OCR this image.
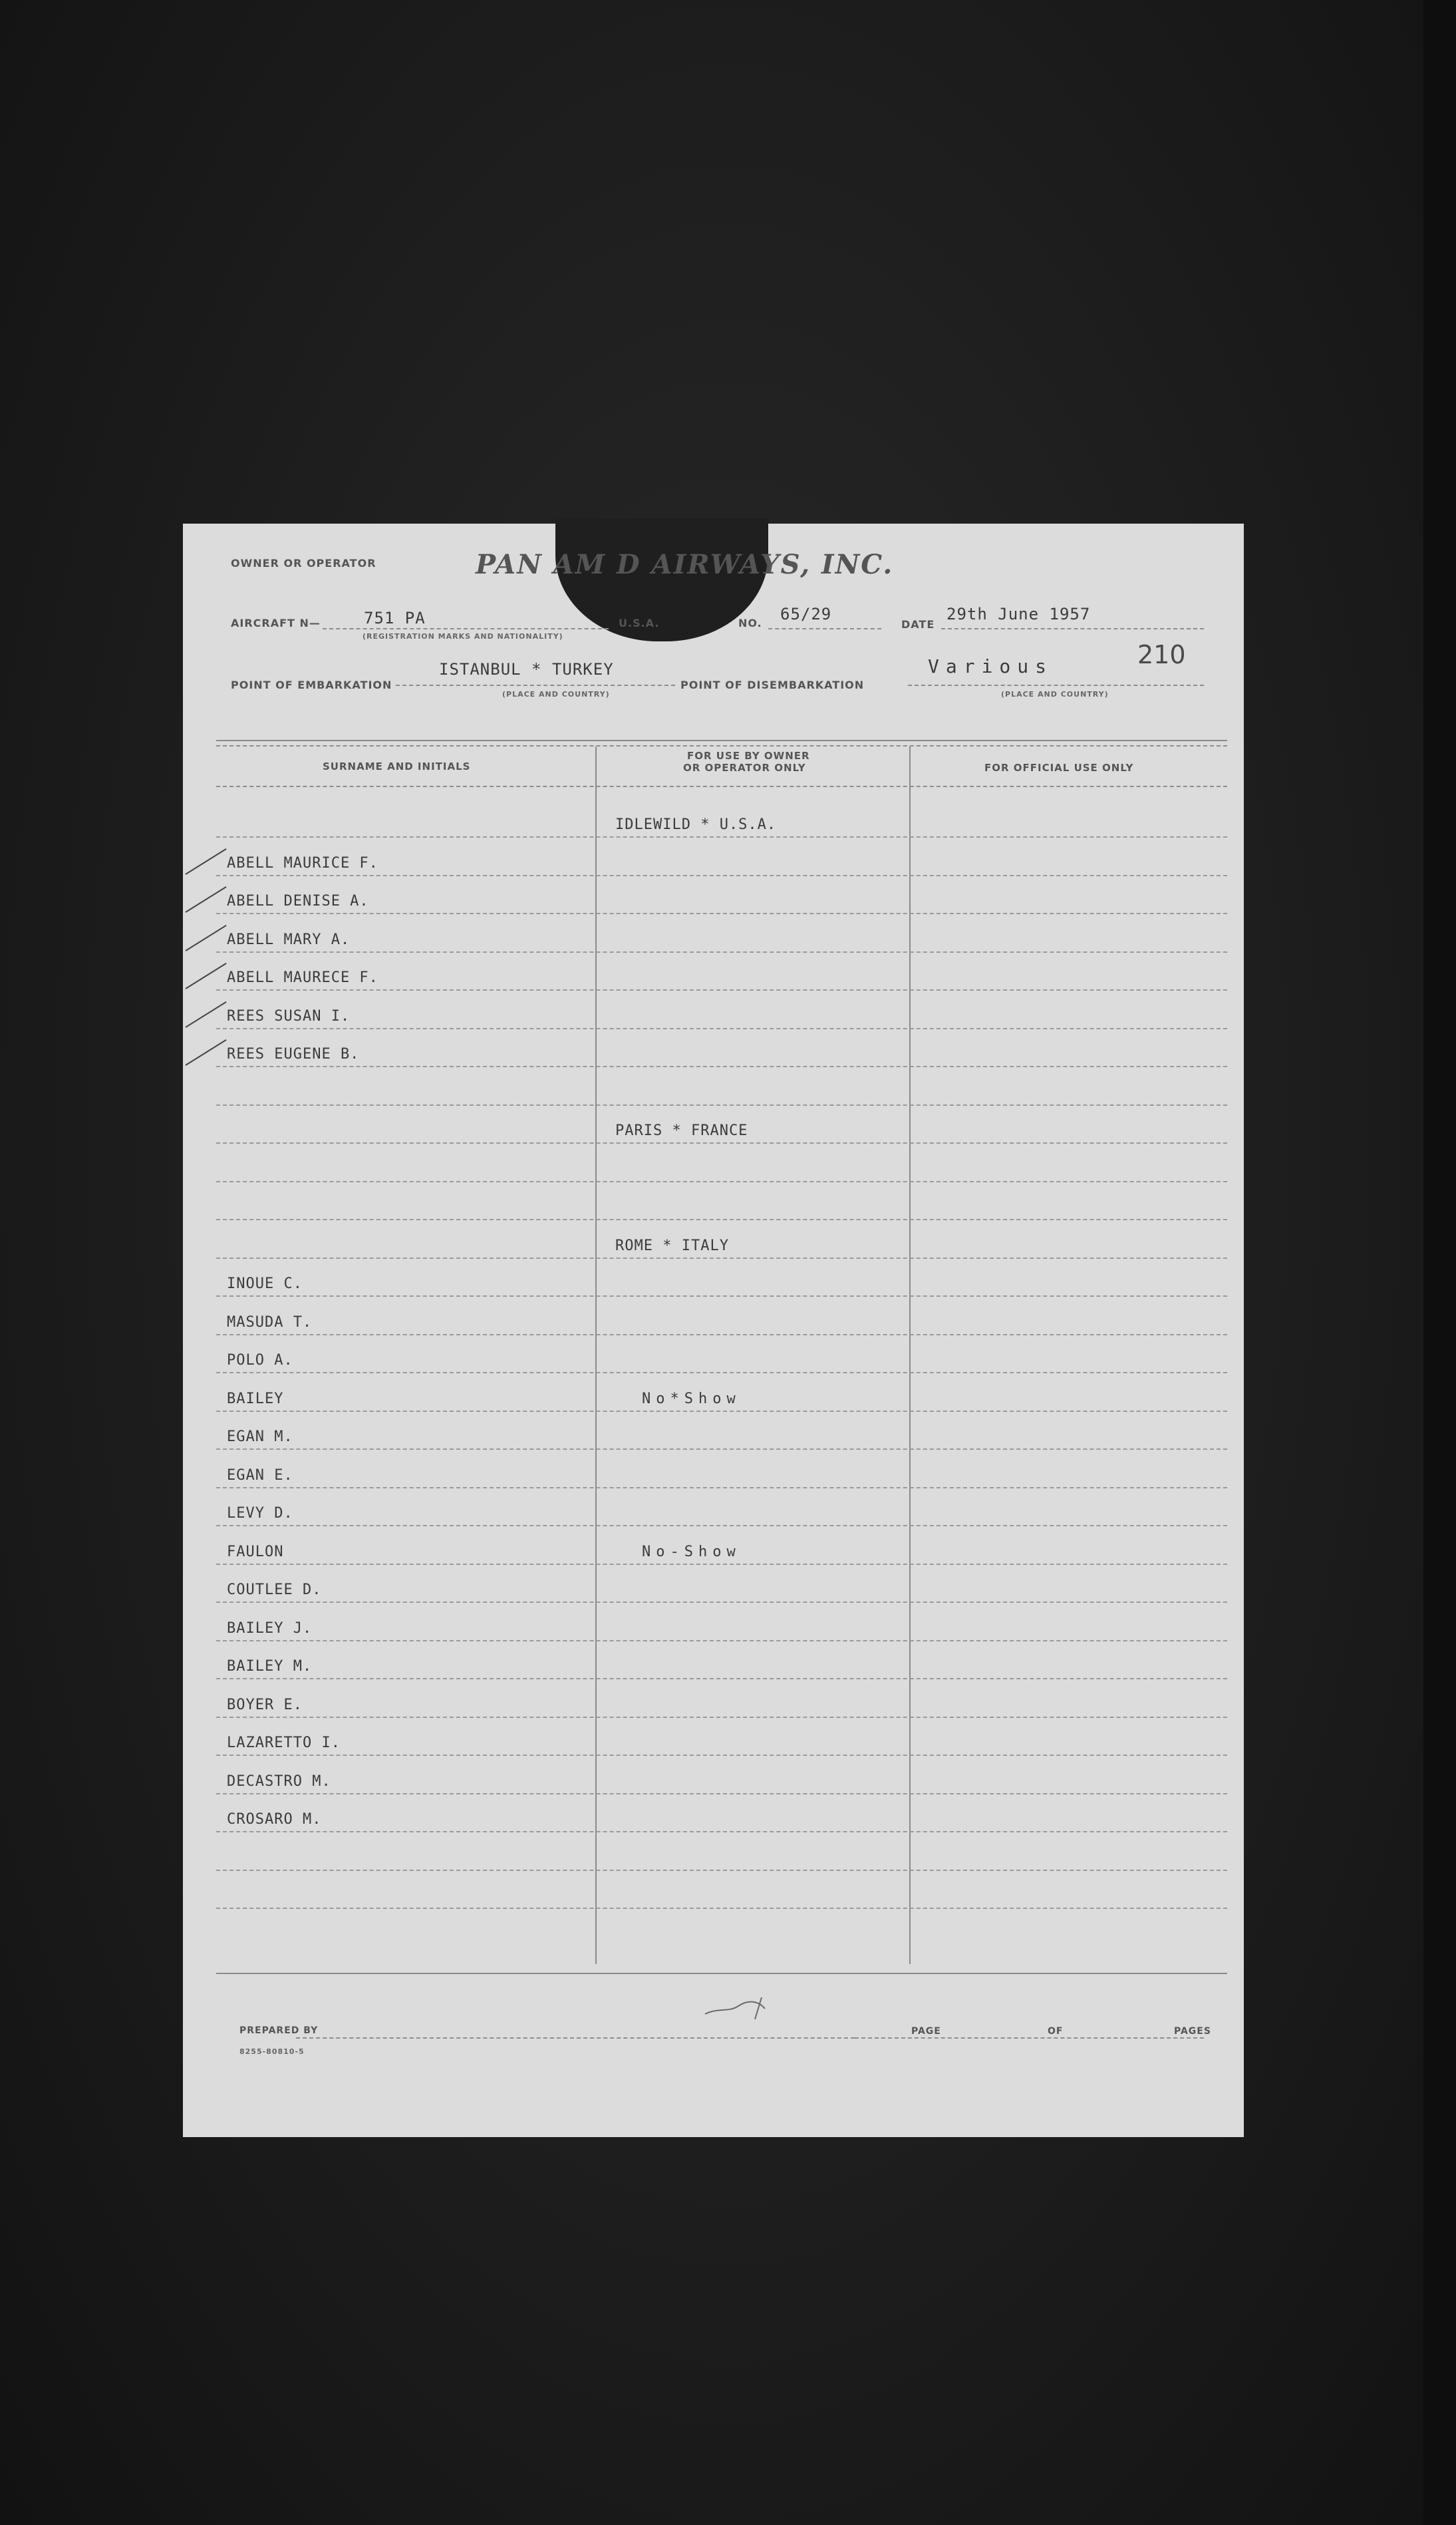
OWNER OR OPERATOR	PAN AM D AIRWAYS, INC.
AIRCRAFT N—	751 PA
(REGISTRATION MARKS AND NATIONALITY)
U.S.A.	NO. 65/29
DATE
29th June 1957
210
POINT OF EMBARKATION
ISTANBUL * TURKEY
(PLACE AND COUNTRY)
POINT OF DISEMBARKATION
Various
(PLACE AND COUNTRY)
SURNAME AND INITIALS
FOR USE BY OWNER
OR OPERATOR ONLY	FOR OFFICIAL USE ONLY
IDLEWILD * U.S.A.
ABELL MAURICE F.
ABELL DENISE A.
ABELL MARY A.
ABELL MAURECE F.
REES SUSAN I.
REES EUGENE B.
PARIS * FRANCE
ROME * ITALY
INOUE C.
MASUDA T.
POLO A.
BAILEY	No*Show
EGAN M.
EGAN E.
LEVY D.
FAULON	No-Show
COUTLEE D.
BAILEY J.
BAILEY M.
BOYER E.
LAZARETTO I.
DECASTRO M.
CROSARO M.
PREPARED BY
8255-80810-5
PAGE	OF	PAGES
